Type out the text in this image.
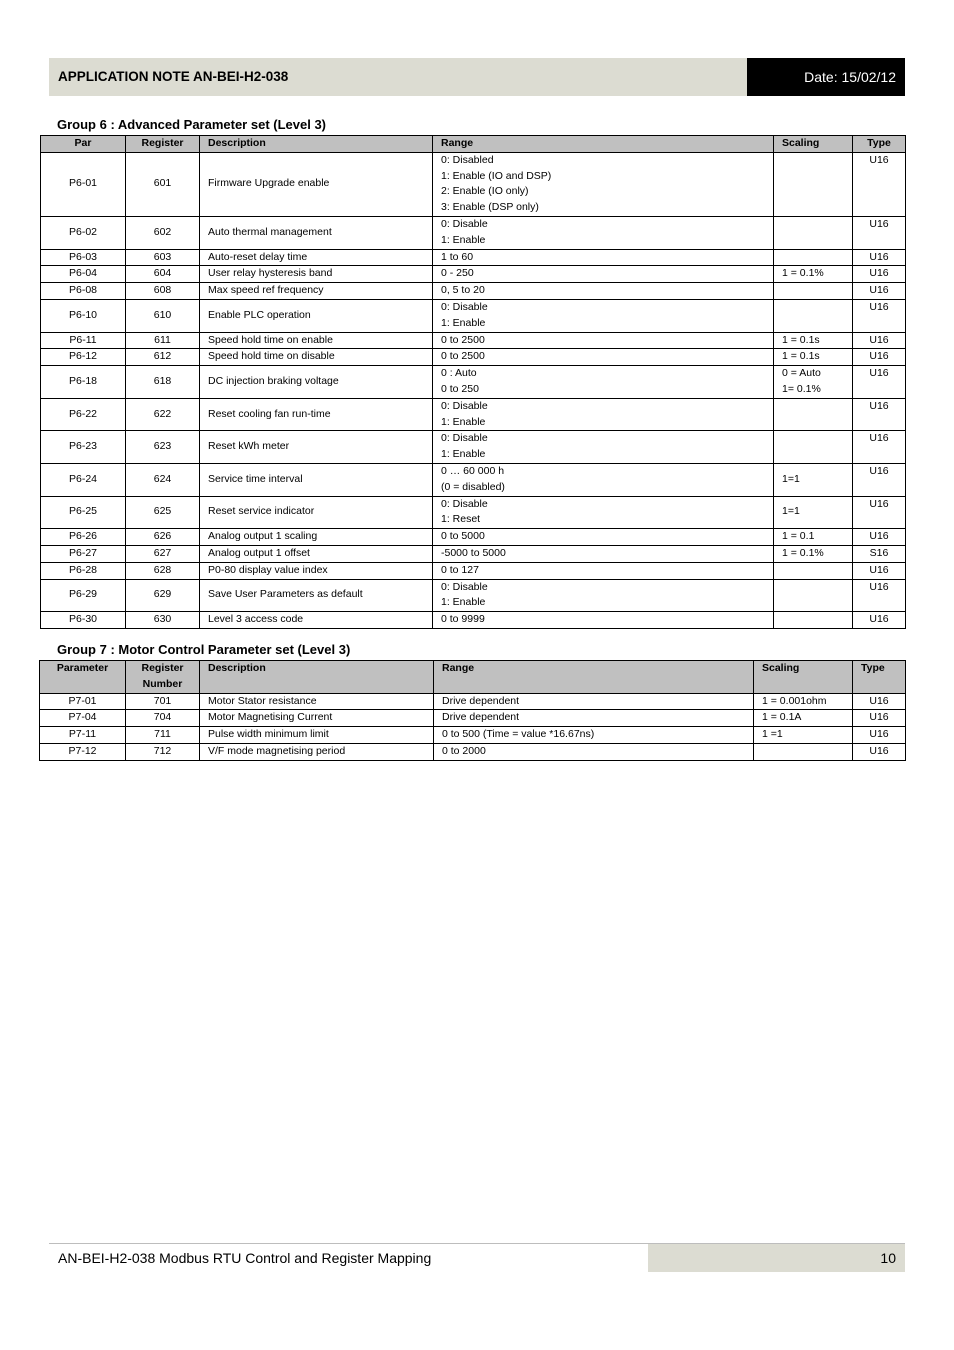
APPLICATION NOTE AN-BEI-H2-038	Date: 15/02/12
Group 6 : Advanced Parameter set (Level 3)
Par	Register	Description	Range	Scaling	Type
P6-01	601	Firmware Upgrade enable	0: Disabled
1: Enable (IO and DSP)
2: Enable (IO only)
3: Enable (DSP only)		U16
P6-02	602	Auto thermal management	0: Disable
1: Enable		U16
P6-03	603	Auto-reset delay time	1 to 60		U16
P6-04	604	User relay hysteresis band	0 - 250	1 = 0.1%	U16
P6-08	608	Max speed ref frequency	0, 5 to 20		U16
P6-10	610	Enable PLC operation	0: Disable
1: Enable		U16
P6-11	611	Speed hold time on enable	0 to 2500	1 = 0.1s	U16
P6-12	612	Speed hold time on disable	0 to 2500	1 = 0.1s	U16
P6-18	618	DC injection braking voltage	0 : Auto
0 to 250	0 = Auto
1= 0.1%	U16
P6-22	622	Reset cooling fan run-time	0: Disable
1: Enable		U16
P6-23	623	Reset kWh meter	0: Disable
1: Enable		U16
P6-24	624	Service time interval	0 … 60 000 h
(0 = disabled)	1=1	U16
P6-25	625	Reset service indicator	0: Disable
1: Reset	1=1	U16
P6-26	626	Analog output 1 scaling	0 to 5000	1 = 0.1	U16
P6-27	627	Analog output 1 offset	-5000 to 5000	1 = 0.1%	S16
P6-28	628	P0-80 display value index	0 to 127		U16
P6-29	629	Save User Parameters as default	0: Disable
1: Enable		U16
P6-30	630	Level 3 access code	0 to 9999		U16
Group 7 : Motor Control Parameter set (Level 3)
Parameter	Register
Number	Description	Range	Scaling	Type
P7-01	701	Motor Stator resistance	Drive dependent	1 = 0.001ohm	U16
P7-04	704	Motor Magnetising Current	Drive dependent	1 = 0.1A	U16
P7-11	711	Pulse width minimum limit	0 to 500 (Time = value *16.67ns)	1 =1	U16
P7-12	712	V/F mode magnetising period	0 to 2000		U16
AN-BEI-H2-038 Modbus RTU Control and Register Mapping	10
